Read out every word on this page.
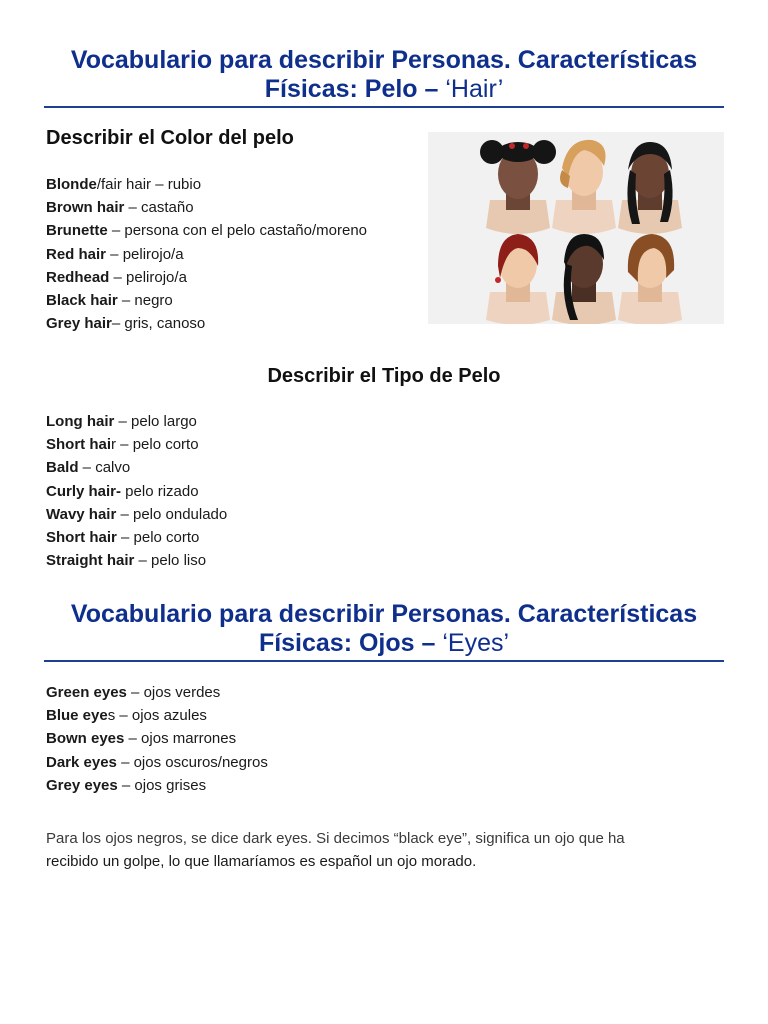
Vocabulario para describir Personas. Características Físicas: Pelo – ‘Hair’
Describir el Color del pelo
Blonde/fair hair – rubio
Brown hair – castaño
Brunette – persona con el pelo castaño/moreno
Red hair – pelirojo/a
Redhead – pelirojo/a
Black hair – negro
Grey hair– gris, canoso
Describir el Tipo de Pelo
Long hair – pelo largo
Short hair – pelo corto
Bald – calvo
Curly hair- pelo rizado
Wavy hair – pelo ondulado
Short hair – pelo corto
Straight hair – pelo liso
Vocabulario para describir Personas. Características Físicas: Ojos – ‘Eyes’
Green eyes – ojos verdes
Blue eyes – ojos azules
Bown eyes – ojos marrones
Dark eyes – ojos oscuros/negros
Grey eyes – ojos grises
Para los ojos negros, se dice dark eyes. Si decimos “black eye”, significa un ojo que ha
recibido un golpe, lo que llamaríamos es español un ojo morado.
